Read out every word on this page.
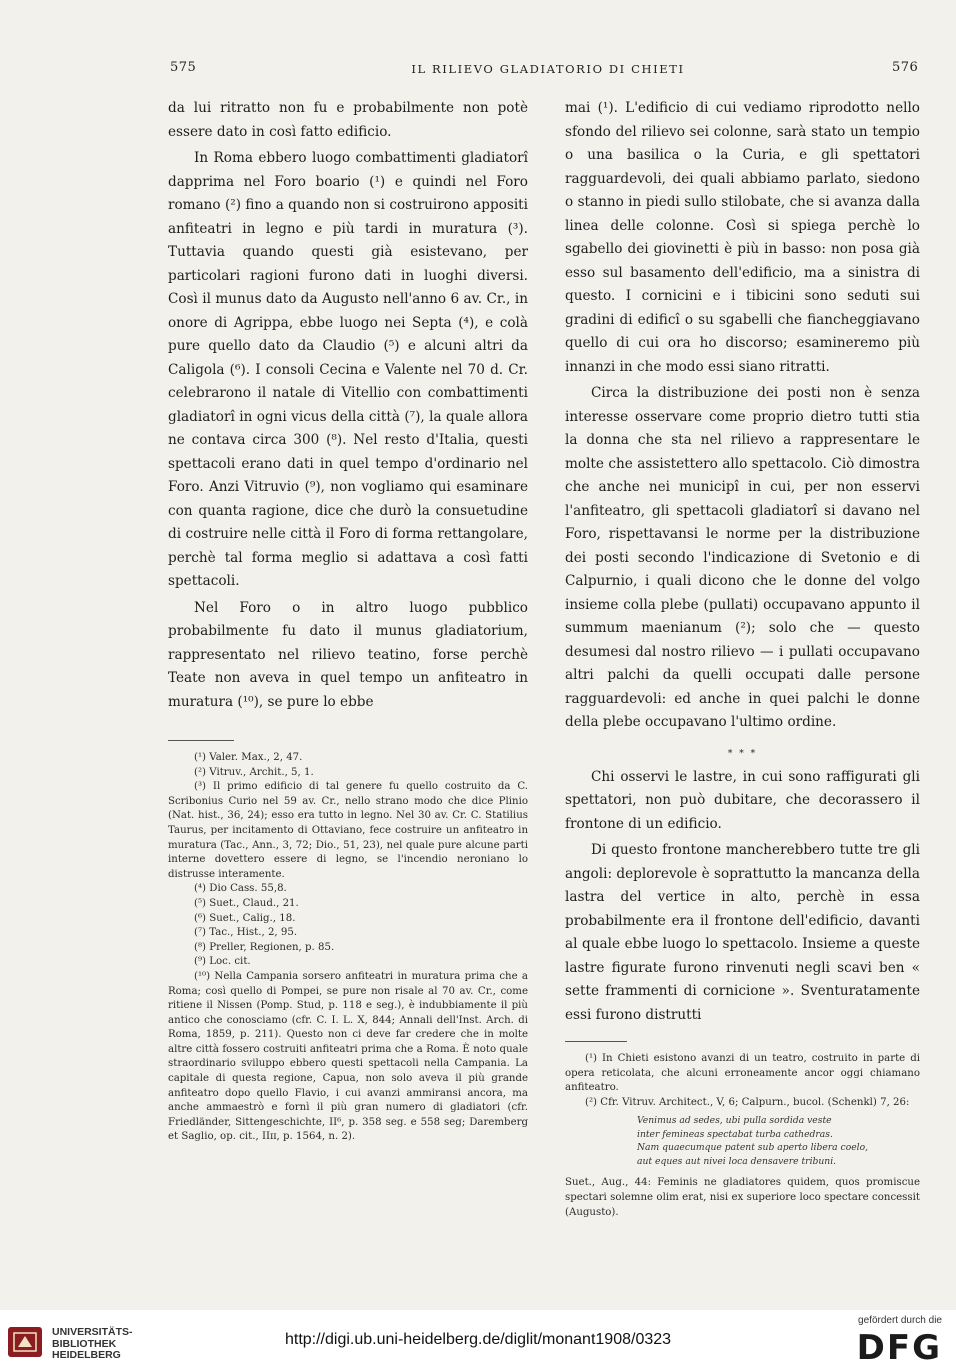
575	IL RILIEVO GLADIATORIO DI CHIETI	576

da lui ritratto non fu e probabilmente non potè essere dato in così fatto edificio.

In Roma ebbero luogo combattimenti gladiatorî dapprima nel Foro boario (¹) e quindi nel Foro romano (²) fino a quando non si costruirono appositi anfiteatri in legno e più tardi in muratura (³). Tuttavia quando questi già esistevano, per particolari ragioni furono dati in luoghi diversi. Così il munus dato da Augusto nell'anno 6 av. Cr., in onore di Agrippa, ebbe luogo nei Septa (⁴), e colà pure quello dato da Claudio (⁵) e alcuni altri da Caligola (⁶). I consoli Cecina e Valente nel 70 d. Cr. celebrarono il natale di Vitellio con combattimenti gladiatorî in ogni vicus della città (⁷), la quale allora ne contava circa 300 (⁸). Nel resto d'Italia, questi spettacoli erano dati in quel tempo d'ordinario nel Foro. Anzi Vitruvio (⁹), non vogliamo qui esaminare con quanta ragione, dice che durò la consuetudine di costruire nelle città il Foro di forma rettangolare, perchè tal forma meglio si adattava a così fatti spettacoli.

Nel Foro o in altro luogo pubblico probabilmente fu dato il munus gladiatorium, rappresentato nel rilievo teatino, forse perchè Teate non aveva in quel tempo un anfiteatro in muratura (¹⁰), se pure lo ebbe

(¹) Valer. Max., 2, 47.
(²) Vitruv., Archit., 5, 1.
(³) Il primo edificio di tal genere fu quello costruito da C. Scribonius Curio nel 59 av. Cr., nello strano modo che dice Plinio (Nat. hist., 36, 24); esso era tutto in legno. Nel 30 av. Cr. C. Statilius Taurus, per incitamento di Ottaviano, fece costruire un anfiteatro in muratura (Tac., Ann., 3, 72; Dio., 51, 23), nel quale pure alcune parti interne dovettero essere di legno, se l'incendio neroniano lo distrusse interamente.
(⁴) Dio Cass. 55,8.
(⁵) Suet., Claud., 21.
(⁶) Suet., Calig., 18.
(⁷) Tac., Hist., 2, 95.
(⁸) Preller, Regionen, p. 85.
(⁹) Loc. cit.
(¹⁰) Nella Campania sorsero anfiteatri in muratura prima che a Roma; così quello di Pompei, se pure non risale al 70 av. Cr., come ritiene il Nissen (Pomp. Stud, p. 118 e seg.), è indubbiamente il più antico che conosciamo (cfr. C. I. L. X, 844; Annali dell'Inst. Arch. di Roma, 1859, p. 211). Questo non ci deve far credere che in molte altre città fossero costruiti anfiteatri prima che a Roma. È noto quale straordinario sviluppo ebbero questi spettacoli nella Campania. La capitale di questa regione, Capua, non solo aveva il più grande anfiteatro dopo quello Flavio, i cui avanzi ammiransi ancora, ma anche ammaestrò e fornì il più gran numero di gladiatori (cfr. Friedländer, Sittengeschichte, II⁶, p. 358 seg. e 558 seg; Daremberg et Saglio, op. cit., IIɪɪ, p. 1564, n. 2).

mai (¹). L'edificio di cui vediamo riprodotto nello sfondo del rilievo sei colonne, sarà stato un tempio o una basilica o la Curia, e gli spettatori ragguardevoli, dei quali abbiamo parlato, siedono o stanno in piedi sullo stilobate, che si avanza dalla linea delle colonne. Così si spiega perchè lo sgabello dei giovinetti è più in basso: non posa già esso sul basamento dell'edificio, ma a sinistra di questo. I cornicini e i tibicini sono seduti sui gradini di edificî o su sgabelli che fiancheggiavano quello di cui ora ho discorso; esamineremo più innanzi in che modo essi siano ritratti.

Circa la distribuzione dei posti non è senza interesse osservare come proprio dietro tutti stia la donna che sta nel rilievo a rappresentare le molte che assistettero allo spettacolo. Ciò dimostra che anche nei municipî in cui, per non esservi l'anfiteatro, gli spettacoli gladiatorî si davano nel Foro, rispettavansi le norme per la distribuzione dei posti secondo l'indicazione di Svetonio e di Calpurnio, i quali dicono che le donne del volgo insieme colla plebe (pullati) occupavano appunto il summum maenianum (²); solo che — questo desumesi dal nostro rilievo — i pullati occupavano altri palchi da quelli occupati dalle persone ragguardevoli: ed anche in quei palchi le donne della plebe occupavano l'ultimo ordine.

* * *

Chi osservi le lastre, in cui sono raffigurati gli spettatori, non può dubitare, che decorassero il frontone di un edificio.

Di questo frontone mancherebbero tutte tre gli angoli: deplorevole è soprattutto la mancanza della lastra del vertice in alto, perchè in essa probabilmente era il frontone dell'edificio, davanti al quale ebbe luogo lo spettacolo. Insieme a queste lastre figurate furono rinvenuti negli scavi ben « sette frammenti di cornicione ». Sventuratamente essi furono distrutti

(¹) In Chieti esistono avanzi di un teatro, costruito in parte di opera reticolata, che alcuni erroneamente ancor oggi chiamano anfiteatro.
(²) Cfr. Vitruv. Architect., V, 6; Calpurn., bucol. (Schenkl) 7, 26:
Venimus ad sedes, ubi pulla sordida veste
inter femineas spectabat turba cathedras.
Nam quaecumque patent sub aperto libera coelo,
aut eques aut nivei loca densavere tribuni.
Suet., Aug., 44: Feminis ne gladiatores quidem, quos promiscue spectari solemne olim erat, nisi ex superiore loco spectare concessit (Augusto).
UNIVERSITÄTS-
BIBLIOTHEK
HEIDELBERG
http://digi.ub.uni-heidelberg.de/diglit/monant1908/0323
gefördert durch die
DFG
